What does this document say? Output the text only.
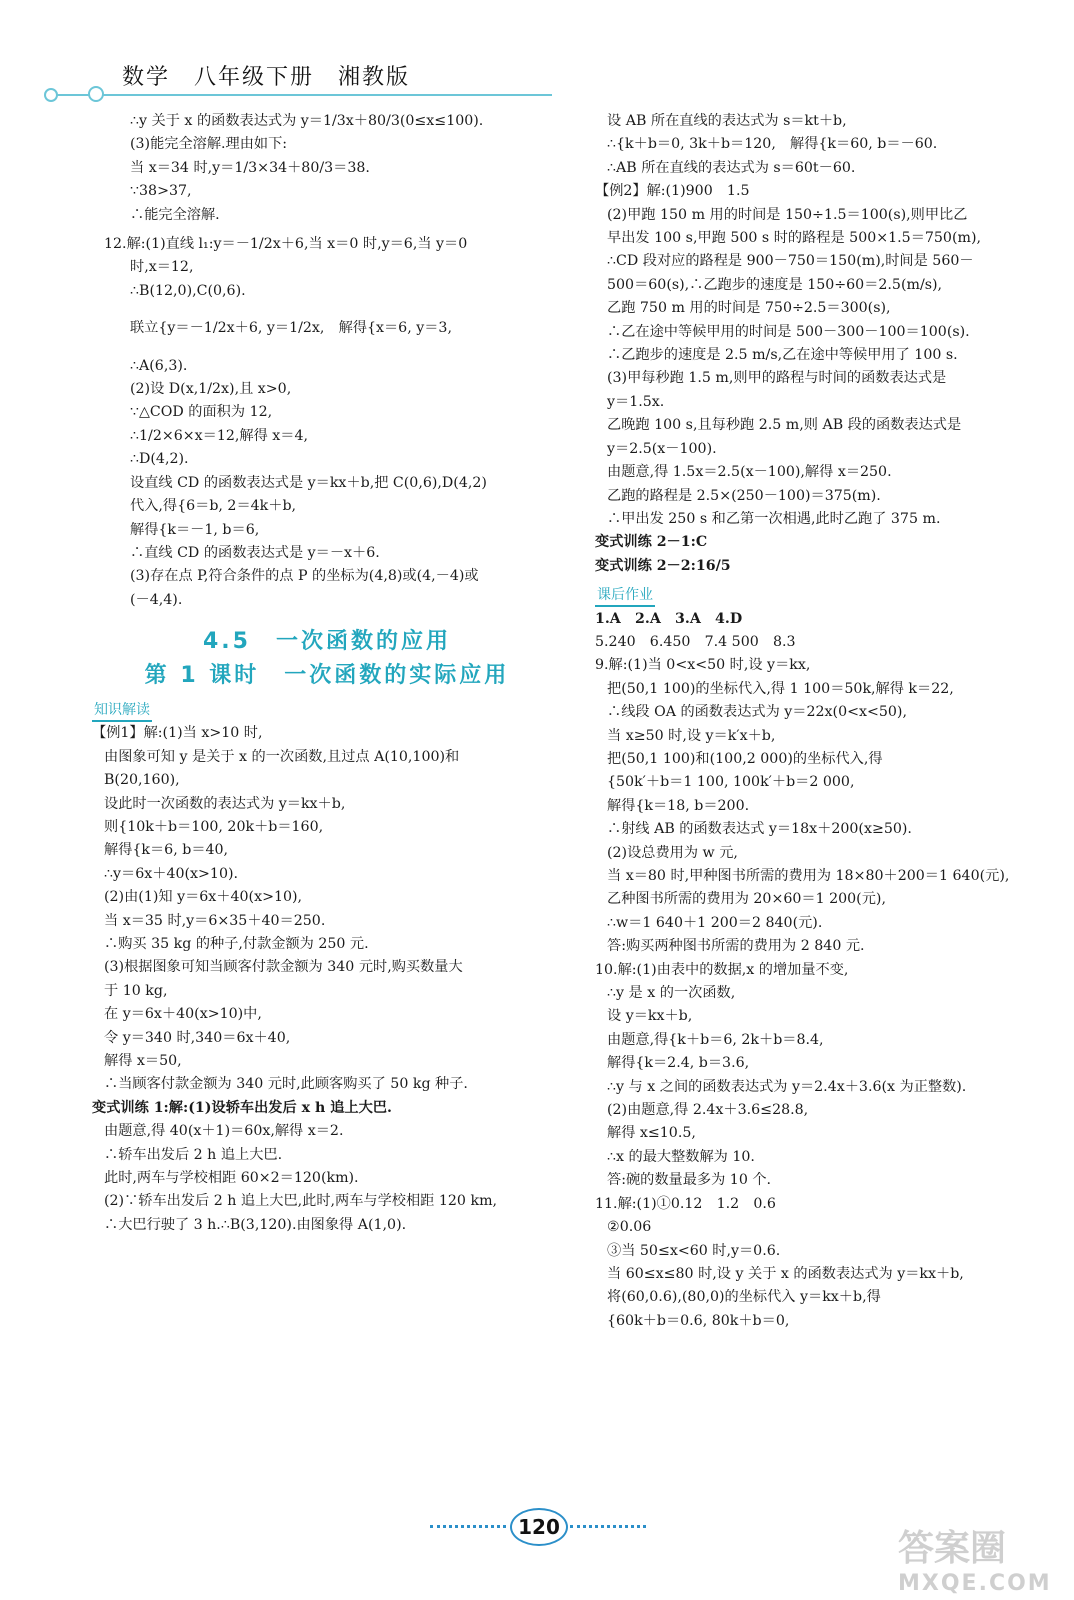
数学　八年级下册　湘教版
∴y 关于 x 的函数表达式为 y＝1/3x＋80/3(0≤x≤100).
(3)能完全溶解.理由如下:
当 x＝34 时,y＝1/3×34＋80/3＝38.
∵38>37,
∴能完全溶解.
12.解:(1)直线 l₁:y＝－1/2x＋6,当 x＝0 时,y＝6,当 y＝0
时,x＝12,
∴B(12,0),C(0,6).
联立{y＝－1/2x＋6, y＝1/2x,　解得{x＝6, y＝3,
∴A(6,3).
(2)设 D(x,1/2x),且 x>0,
∵△COD 的面积为 12,
∴1/2×6×x＝12,解得 x＝4,
∴D(4,2).
设直线 CD 的函数表达式是 y＝kx＋b,把 C(0,6),D(4,2)
代入,得{6＝b, 2＝4k＋b,
解得{k＝－1, b＝6,
∴直线 CD 的函数表达式是 y＝－x＋6.
(3)存在点 P,符合条件的点 P 的坐标为(4,8)或(4,－4)或
(－4,4).
4.5　一次函数的应用
第 1 课时　一次函数的实际应用
知识解读
【例1】解:(1)当 x>10 时,
由图象可知 y 是关于 x 的一次函数,且过点 A(10,100)和
B(20,160),
设此时一次函数的表达式为 y＝kx＋b,
则{10k＋b＝100, 20k＋b＝160,
解得{k＝6, b＝40,
∴y＝6x＋40(x>10).
(2)由(1)知 y＝6x＋40(x>10),
当 x＝35 时,y＝6×35＋40＝250.
∴购买 35 kg 的种子,付款金额为 250 元.
(3)根据图象可知当顾客付款金额为 340 元时,购买数量大
于 10 kg,
在 y＝6x＋40(x>10)中,
令 y＝340 时,340＝6x＋40,
解得 x＝50,
∴当顾客付款金额为 340 元时,此顾客购买了 50 kg 种子.
变式训练 1:解:(1)设轿车出发后 x h 追上大巴.
由题意,得 40(x＋1)＝60x,解得 x＝2.
∴轿车出发后 2 h 追上大巴.
此时,两车与学校相距 60×2＝120(km).
(2)∵轿车出发后 2 h 追上大巴,此时,两车与学校相距 120 km,
∴大巴行驶了 3 h.∴B(3,120).由图象得 A(1,0).
设 AB 所在直线的表达式为 s＝kt＋b,
∴{k＋b＝0, 3k＋b＝120,　解得{k＝60, b＝－60.
∴AB 所在直线的表达式为 s＝60t－60.
【例2】解:(1)900　1.5
(2)甲跑 150 m 用的时间是 150÷1.5＝100(s),则甲比乙
早出发 100 s,甲跑 500 s 时的路程是 500×1.5＝750(m),
∴CD 段对应的路程是 900－750＝150(m),时间是 560－
500＝60(s),∴乙跑步的速度是 150÷60＝2.5(m/s),
乙跑 750 m 用的时间是 750÷2.5＝300(s),
∴乙在途中等候甲用的时间是 500－300－100＝100(s).
∴乙跑步的速度是 2.5 m/s,乙在途中等候甲用了 100 s.
(3)甲每秒跑 1.5 m,则甲的路程与时间的函数表达式是
y＝1.5x.
乙晚跑 100 s,且每秒跑 2.5 m,则 AB 段的函数表达式是
y＝2.5(x－100).
由题意,得 1.5x＝2.5(x－100),解得 x＝250.
乙跑的路程是 2.5×(250－100)＝375(m).
∴甲出发 250 s 和乙第一次相遇,此时乙跑了 375 m.
变式训练 2－1:C
变式训练 2－2:16/5
课后作业
1.A　2.A　3.A　4.D
5.240　6.450　7.4 500　8.3
9.解:(1)当 0<x<50 时,设 y＝kx,
把(50,1 100)的坐标代入,得 1 100＝50k,解得 k＝22,
∴线段 OA 的函数表达式为 y＝22x(0<x<50),
当 x≥50 时,设 y＝k′x＋b,
把(50,1 100)和(100,2 000)的坐标代入,得
{50k′＋b＝1 100, 100k′＋b＝2 000,
解得{k＝18, b＝200.
∴射线 AB 的函数表达式 y＝18x＋200(x≥50).
(2)设总费用为 w 元,
当 x＝80 时,甲种图书所需的费用为 18×80＋200＝1 640(元),
乙种图书所需的费用为 20×60＝1 200(元),
∴w＝1 640＋1 200＝2 840(元).
答:购买两种图书所需的费用为 2 840 元.
10.解:(1)由表中的数据,x 的增加量不变,
∴y 是 x 的一次函数,
设 y＝kx＋b,
由题意,得{k＋b＝6, 2k＋b＝8.4,
解得{k＝2.4, b＝3.6,
∴y 与 x 之间的函数表达式为 y＝2.4x＋3.6(x 为正整数).
(2)由题意,得 2.4x＋3.6≤28.8,
解得 x≤10.5,
∴x 的最大整数解为 10.
答:碗的数量最多为 10 个.
11.解:(1)①0.12　1.2　0.6
②0.06
③当 50≤x<60 时,y＝0.6.
当 60≤x≤80 时,设 y 关于 x 的函数表达式为 y＝kx＋b,
将(60,0.6),(80,0)的坐标代入 y＝kx＋b,得
{60k＋b＝0.6, 80k＋b＝0,
120
答案圈
MXQE.COM
